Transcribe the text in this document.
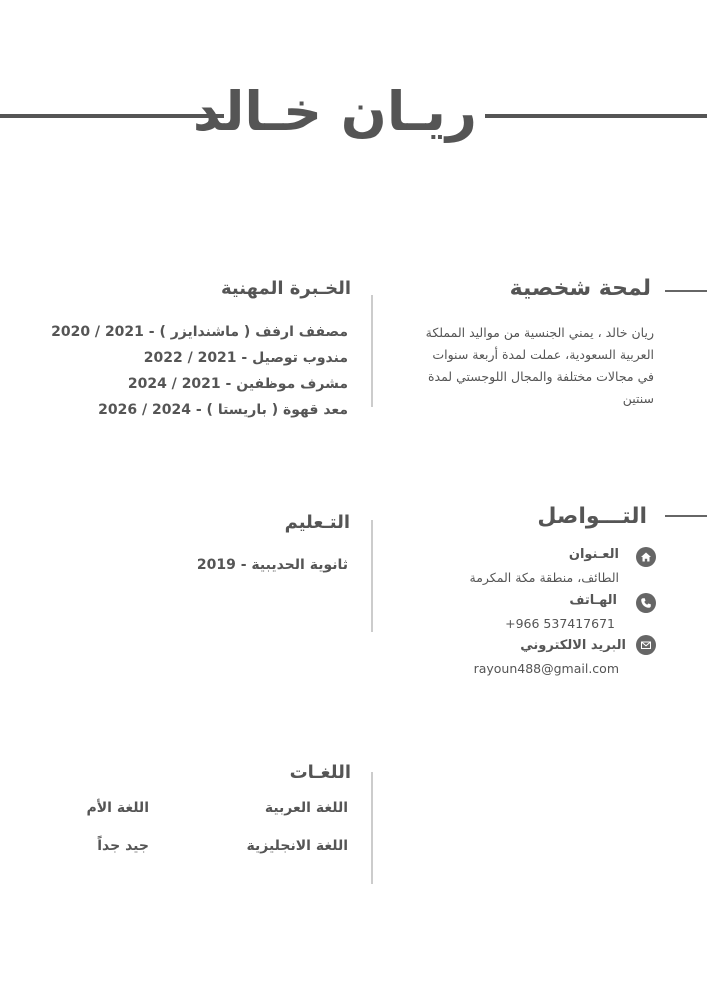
ريـان خـالد
لمحة شخصية
ريان خالد ، يمني الجنسية من مواليد المملكة العربية السعودية، عملت لمدة أربعة سنوات في مجالات مختلفة والمجال اللوجستي لمدة سنتين
الخـبرة المهنية
مصفف ارفف ( ماشندايزر ) - 2021 / 2020
مندوب توصيل - 2021 / 2022
مشرف موظفين - 2021 / 2024
معد قهوة ( باريستا ) - 2024 / 2026
التـــواصل
العـنوان
الطائف، منطقة مكة المكرمة
الهـاتف
+966 537417671
البريد الالكتروني
rayoun488@gmail.com
التـعليم
ثانوية الحديبية - 2019
اللغـات
اللغة العربية
اللغة الأم
اللغة الانجليزية
جيد جداً
